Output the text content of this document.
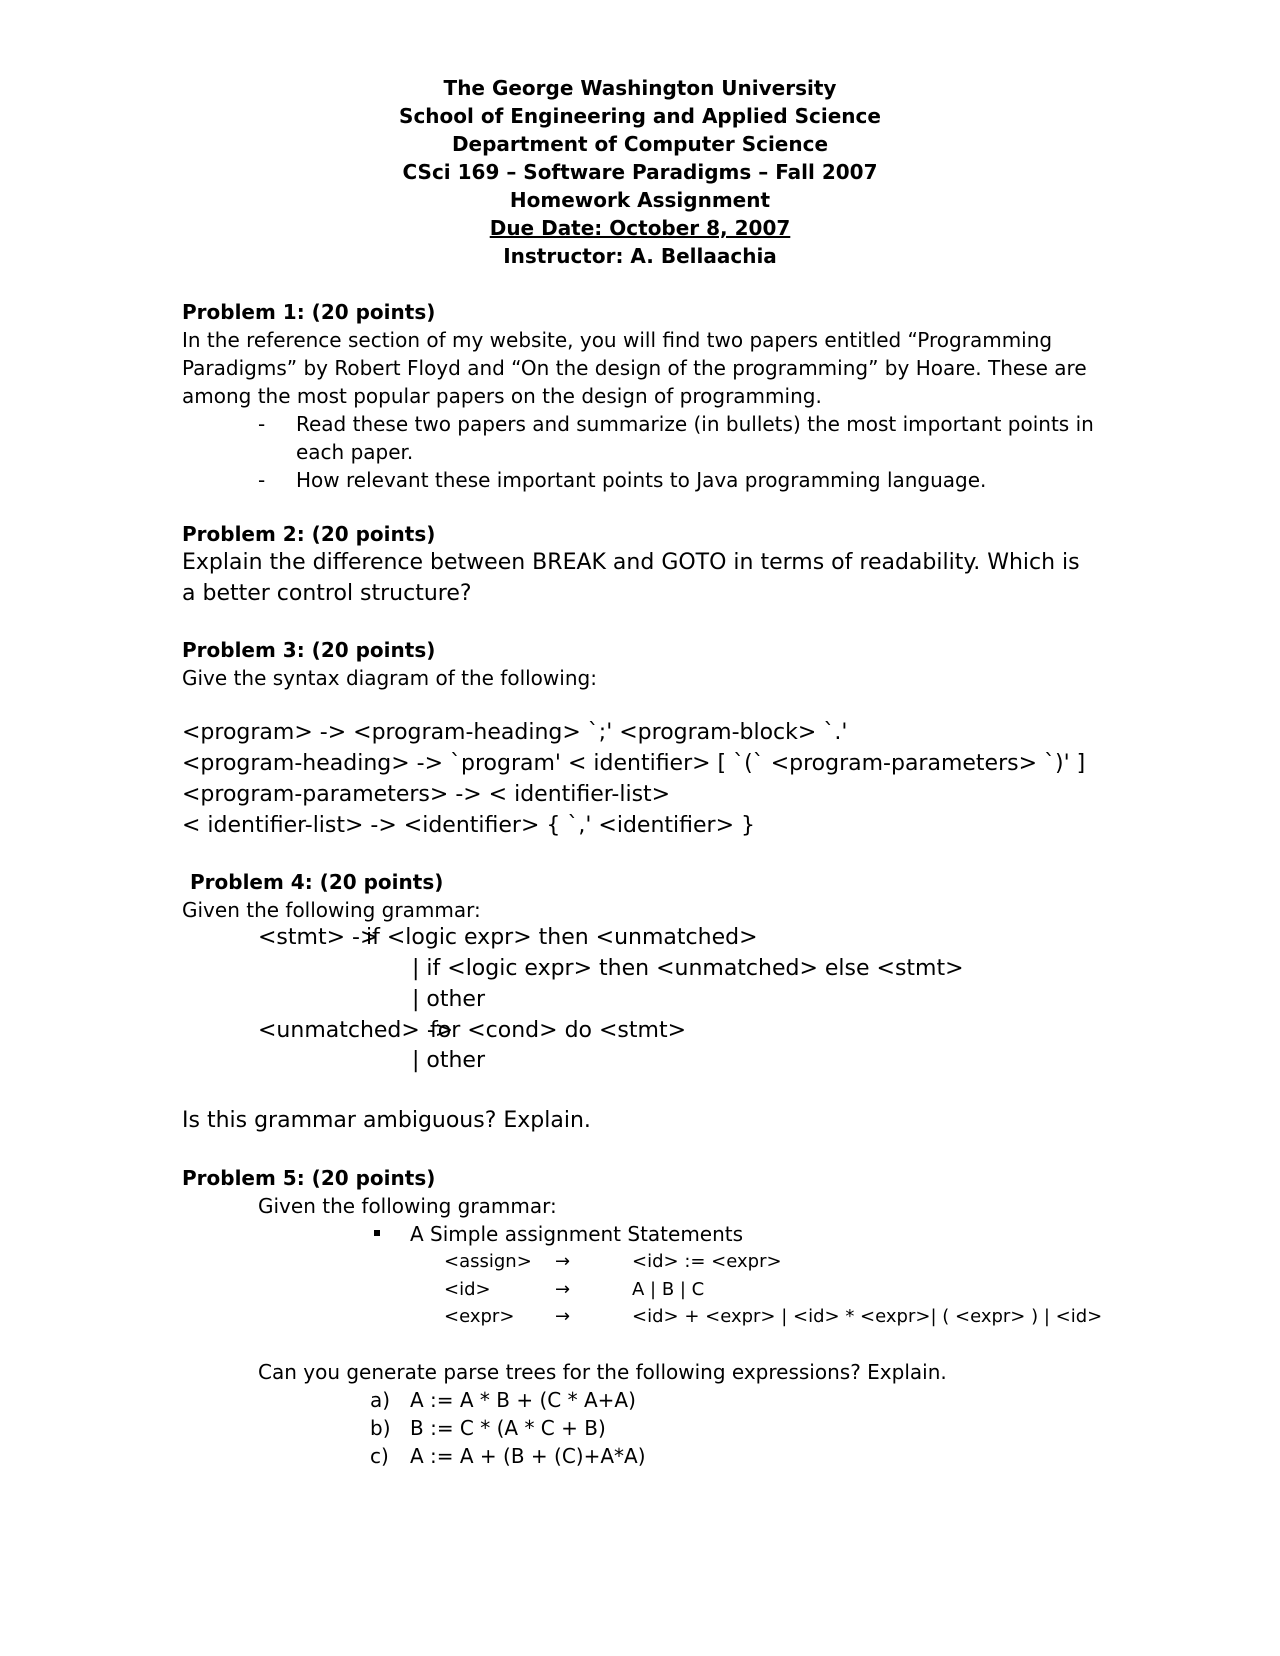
The George Washington University
School of Engineering and Applied Science
Department of Computer Science
CSci 169 – Software Paradigms – Fall 2007
Homework Assignment
Due Date: October 8, 2007
Instructor: A. Bellaachia
Problem 1: (20 points)
In the reference section of my website, you will find two papers entitled “Programming
Paradigms” by Robert Floyd and “On the design of the programming” by Hoare. These are
among the most popular papers on the design of programming.
- Read these two papers and summarize (in bullets) the most important points in
each paper.
- How relevant these important points to Java programming language.
Problem 2: (20 points)
Explain the difference between BREAK and GOTO in terms of readability. Which is
a better control structure?
Problem 3: (20 points)
Give the syntax diagram of the following:
<program> -> <program-heading> `;' <program-block> `.'
<program-heading> -> `program' < identifier> [ `(` <program-parameters> `)' ]
<program-parameters> -> < identifier-list>
< identifier-list> -> <identifier> { `,' <identifier> }
Problem 4: (20 points)
Given the following grammar:
<stmt> ->
if <logic expr> then <unmatched>
| if <logic expr> then <unmatched> else <stmt>
| other
<unmatched> ->
for <cond> do <stmt>
| other
Is this grammar ambiguous? Explain.
Problem 5: (20 points)
Given the following grammar:
A Simple assignment Statements
<assign> →	<id> := <expr>
<id>	→	A | B | C
<expr> →	<id> + <expr> | <id> * <expr>| ( <expr> ) | <id>
Can you generate parse trees for the following expressions? Explain.
a) A := A * B + (C * A+A)
b) B := C * (A * C + B)
c) A := A + (B + (C)+A*A)
